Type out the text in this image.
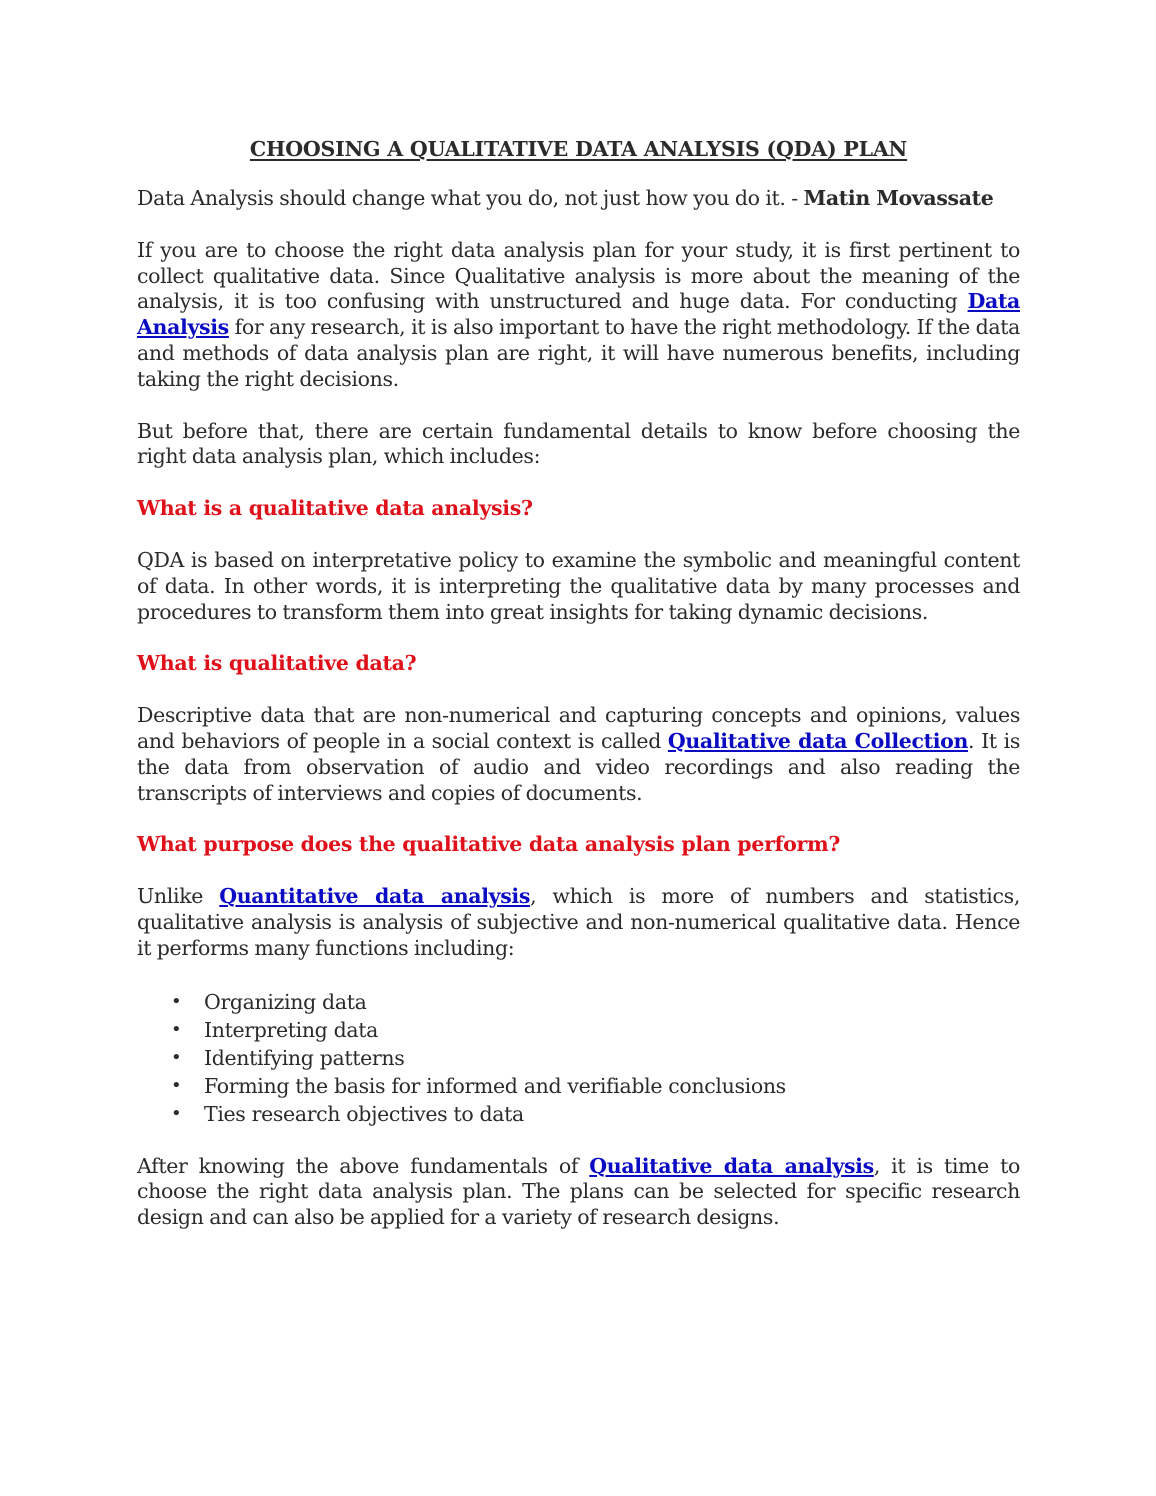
CHOOSING A QUALITATIVE DATA ANALYSIS (QDA) PLAN

Data Analysis should change what you do, not just how you do it. - Matin Movassate

If you are to choose the right data analysis plan for your study, it is first pertinent to collect qualitative data. Since Qualitative analysis is more about the meaning of the analysis, it is too confusing with unstructured and huge data. For conducting Data Analysis for any research, it is also important to have the right methodology. If the data and methods of data analysis plan are right, it will have numerous benefits, including taking the right decisions.

But before that, there are certain fundamental details to know before choosing the right data analysis plan, which includes:

What is a qualitative data analysis?

QDA is based on interpretative policy to examine the symbolic and meaningful content of data. In other words, it is interpreting the qualitative data by many processes and procedures to transform them into great insights for taking dynamic decisions.

What is qualitative data?

Descriptive data that are non-numerical and capturing concepts and opinions, values and behaviors of people in a social context is called Qualitative data Collection. It is the data from observation of audio and video recordings and also reading the transcripts of interviews and copies of documents.

What purpose does the qualitative data analysis plan perform?

Unlike Quantitative data analysis, which is more of numbers and statistics, qualitative analysis is analysis of subjective and non-numerical qualitative data. Hence it performs many functions including:

• Organizing data
• Interpreting data
• Identifying patterns
• Forming the basis for informed and verifiable conclusions
• Ties research objectives to data

After knowing the above fundamentals of Qualitative data analysis, it is time to choose the right data analysis plan. The plans can be selected for specific research design and can also be applied for a variety of research designs.
